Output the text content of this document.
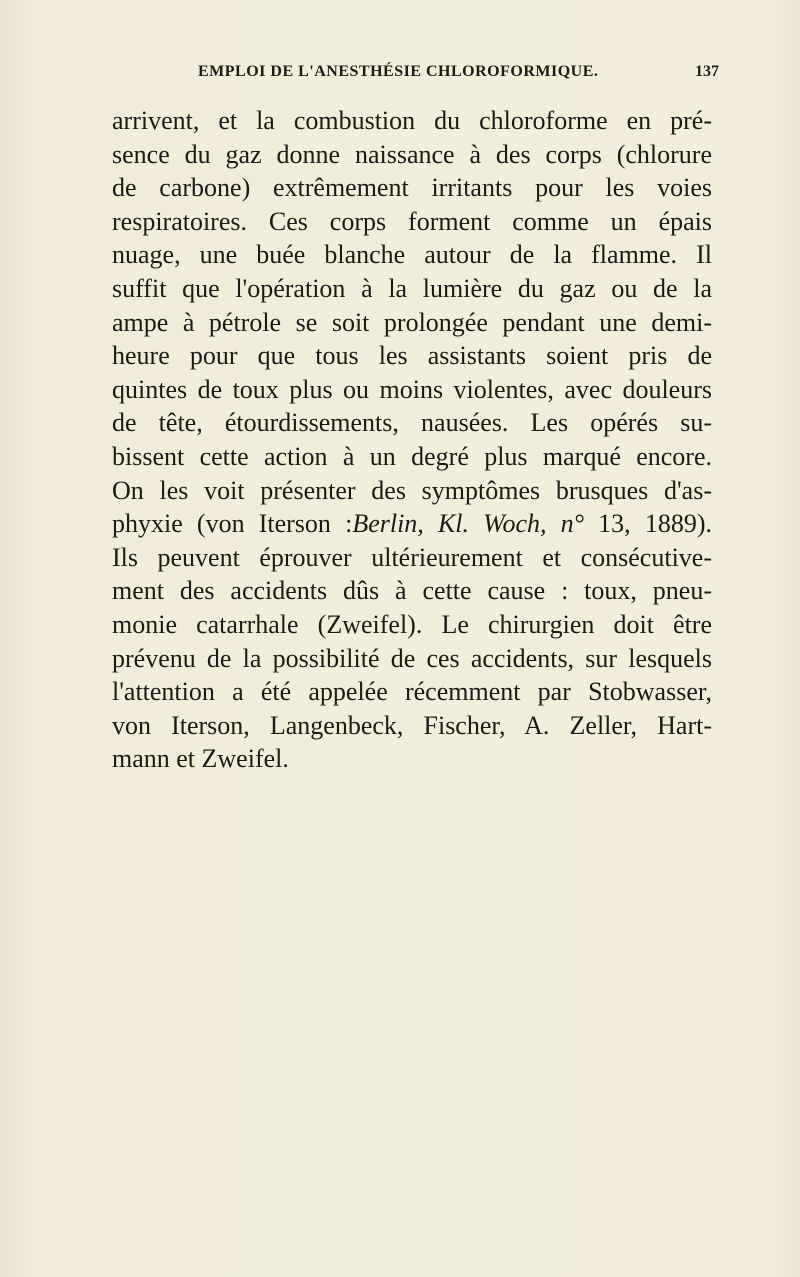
EMPLOI DE L'ANESTHÉSIE CHLOROFORMIQUE.	137
arrivent, et la combustion du chloroforme en pré-
sence du gaz donne naissance à des corps (chlorure
de carbone) extrêmement irritants pour les voies
respiratoires. Ces corps forment comme un épais
nuage, une buée blanche autour de la flamme. Il
suffit que l'opération à la lumière du gaz ou de la
ampe à pétrole se soit prolongée pendant une demi-
heure pour que tous les assistants soient pris de
quintes de toux plus ou moins violentes, avec douleurs
de tête, étourdissements, nausées. Les opérés su-
bissent cette action à un degré plus marqué encore.
On les voit présenter des symptômes brusques d'as-
phyxie (von Iterson :Berlin, Kl. Woch, n° 13, 1889).
Ils peuvent éprouver ultérieurement et consécutive-
ment des accidents dûs à cette cause : toux, pneu-
monie catarrhale (Zweifel). Le chirurgien doit être
prévenu de la possibilité de ces accidents, sur lesquels
l'attention a été appelée récemment par Stobwasser,
von Iterson, Langenbeck, Fischer, A. Zeller, Hart-
mann et Zweifel.
